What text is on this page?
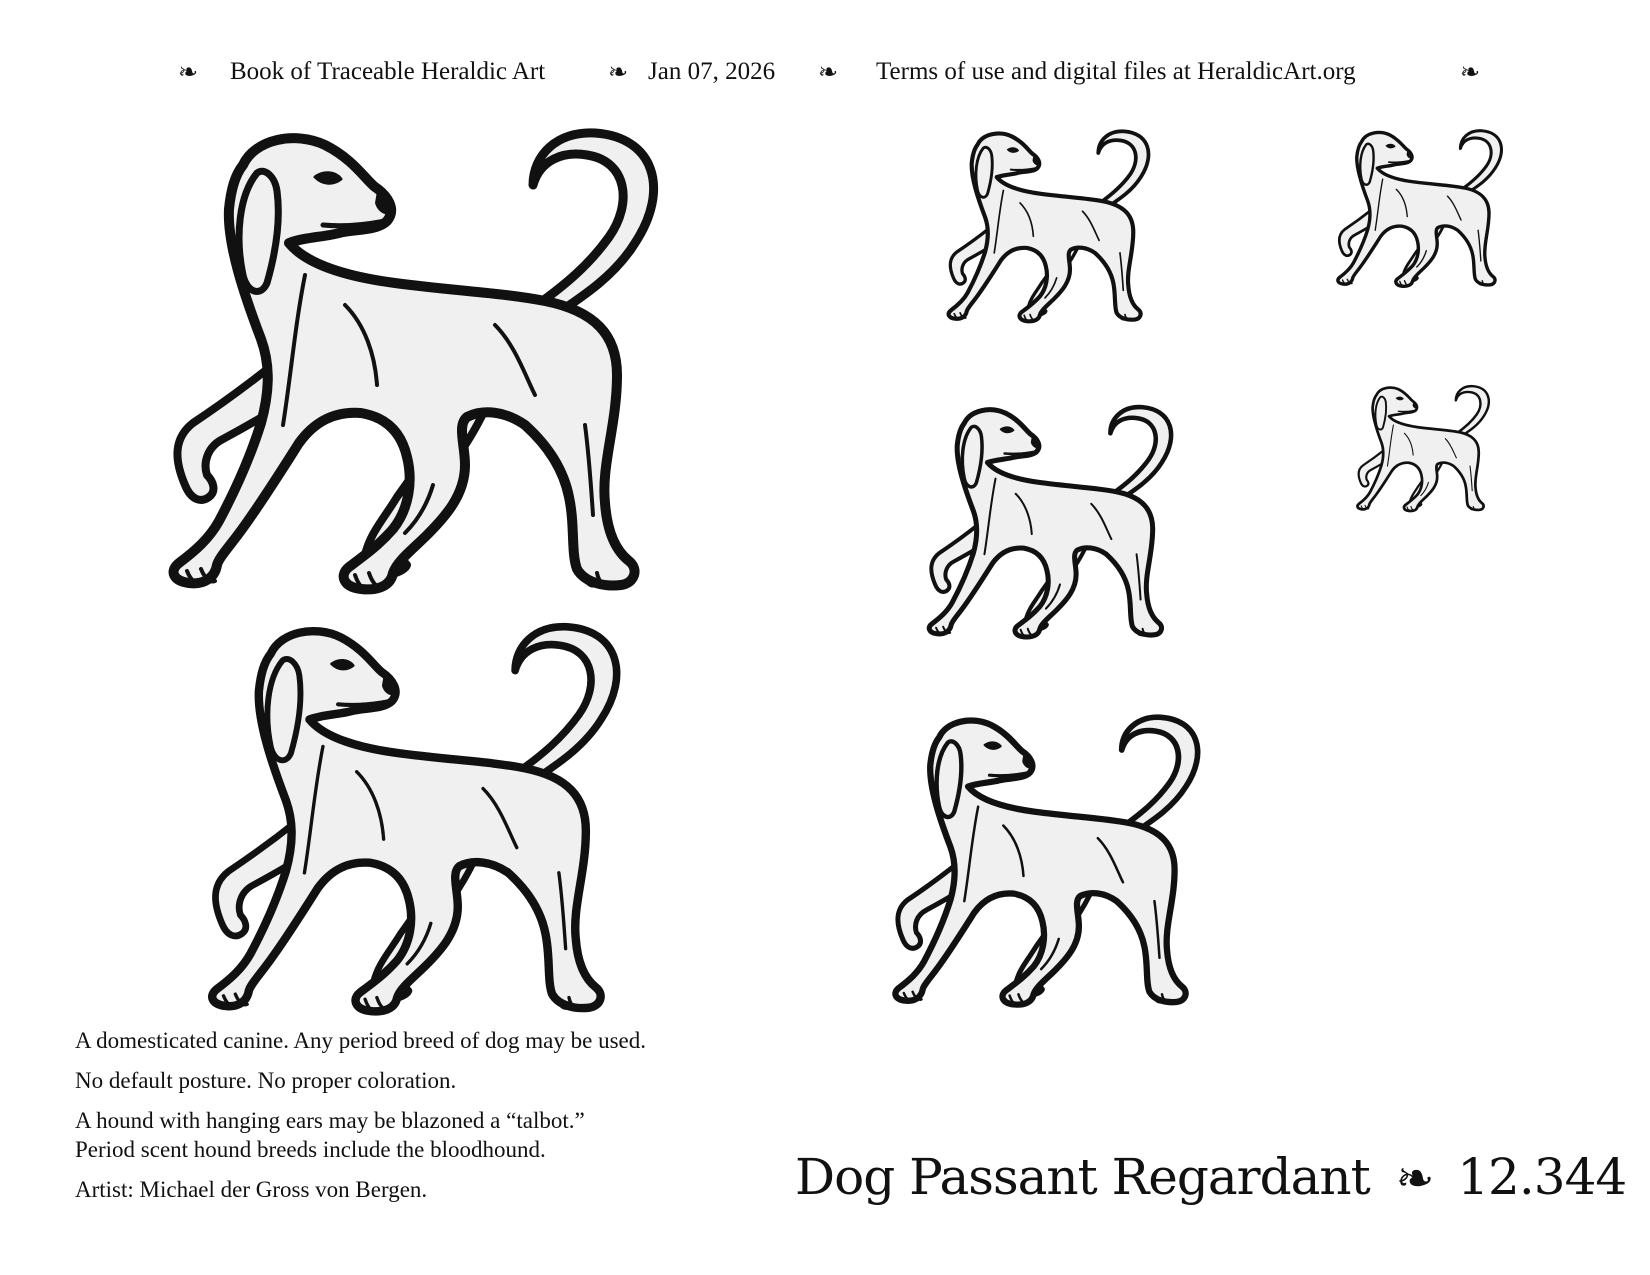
❧ Book of Traceable Heraldic Art	❧ Jan 07, 2026 ❧ Terms of use and digital files at HeraldicArt.org	❧

A domesticated canine. Any period breed of dog may be used.

No default posture. No proper coloration.

A hound with hanging ears may be blazoned a “talbot.”

Period scent hound breeds include the bloodhound.

Artist: Michael der Gross von Bergen.	Dog Passant Regardant ❧ 12.344
